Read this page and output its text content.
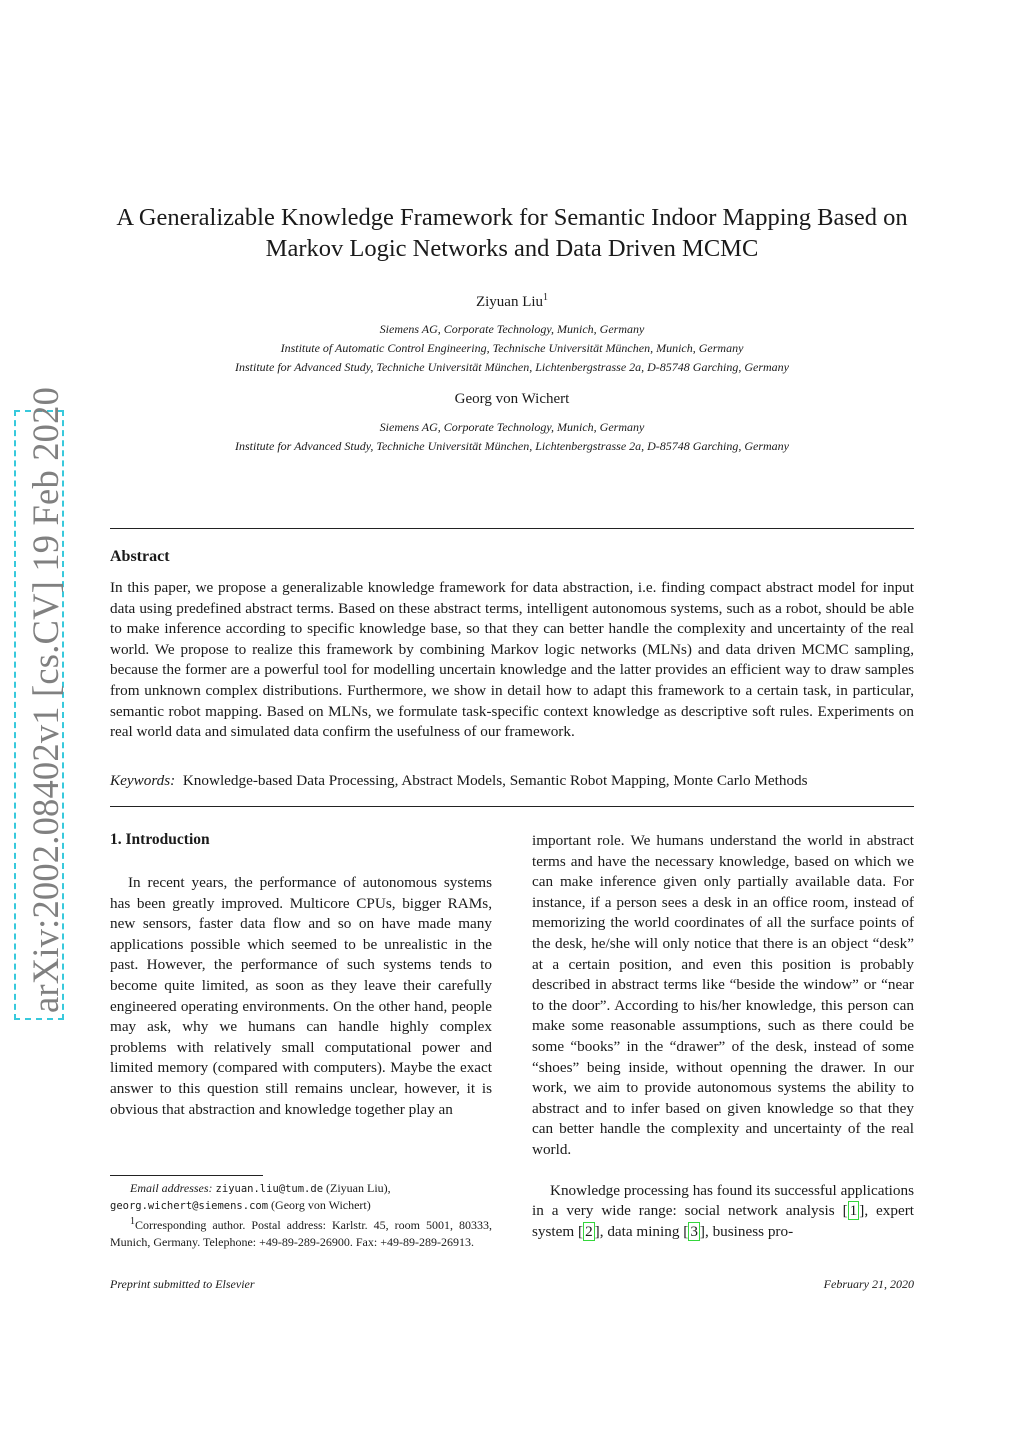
arXiv:2002.08402v1 [cs.CV] 19 Feb 2020
A Generalizable Knowledge Framework for Semantic Indoor Mapping Based on Markov Logic Networks and Data Driven MCMC
Ziyuan Liu$^1$
Siemens AG, Corporate Technology, Munich, Germany
Institute of Automatic Control Engineering, Technische Universität München, Munich, Germany
Institute for Advanced Study, Techniche Universität München, Lichtenbergstrasse 2a, D-85748 Garching, Germany
Georg von Wichert
Siemens AG, Corporate Technology, Munich, Germany
Institute for Advanced Study, Techniche Universität München, Lichtenbergstrasse 2a, D-85748 Garching, Germany
Abstract
In this paper, we propose a generalizable knowledge framework for data abstraction, i.e. finding compact abstract model for input data using predefined abstract terms. Based on these abstract terms, intelligent autonomous systems, such as a robot, should be able to make inference according to specific knowledge base, so that they can better handle the complexity and uncertainty of the real world. We propose to realize this framework by combining Markov logic networks (MLNs) and data driven MCMC sampling, because the former are a powerful tool for modelling uncertain knowledge and the latter provides an efficient way to draw samples from unknown complex distributions. Furthermore, we show in detail how to adapt this framework to a certain task, in particular, semantic robot mapping. Based on MLNs, we formulate task-specific context knowledge as descriptive soft rules. Experiments on real world data and simulated data confirm the usefulness of our framework.
Keywords: Knowledge-based Data Processing, Abstract Models, Semantic Robot Mapping, Monte Carlo Methods
1. Introduction

In recent years, the performance of autonomous systems has been greatly improved. Multicore CPUs, bigger RAMs, new sensors, faster data flow and so on have made many applications possible which seemed to be unrealistic in the past. However, the performance of such systems tends to become quite limited, as soon as they leave their carefully engineered operating environments. On the other hand, people may ask, why we humans can handle highly complex problems with relatively small computational power and limited memory (compared with computers). Maybe the exact answer to this question still remains unclear, however, it is obvious that abstraction and knowledge together play an

important role. We humans understand the world in abstract terms and have the necessary knowledge, based on which we can make inference given only partially available data. For instance, if a person sees a desk in an office room, instead of memorizing the world coordinates of all the surface points of the desk, he/she will only notice that there is an object “desk” at a certain position, and even this position is probably described in abstract terms like “beside the window” or “near to the door”. According to his/her knowledge, this person can make some reasonable assumptions, such as there could be some “books” in the “drawer” of the desk, instead of some “shoes” being inside, without openning the drawer. In our work, we aim to provide autonomous systems the ability to abstract and to infer based on given knowledge so that they can better handle the complexity and uncertainty of the real world.

Knowledge processing has found its successful applications in a very wide range: social network analysis [ 1 ], expert system [ 2 ], data mining [ 3 ], business pro-

Email addresses: ziyuan.liu@tum.de (Ziyuan Liu),
georg.wichert@siemens.com (Georg von Wichert)
$^1$Corresponding author. Postal address: Karlstr. 45, room 5001, 80333, Munich, Germany. Telephone: +49-89-289-26900. Fax: +49-89-289-26913.
Preprint submitted to Elsevier	February 21, 2020
